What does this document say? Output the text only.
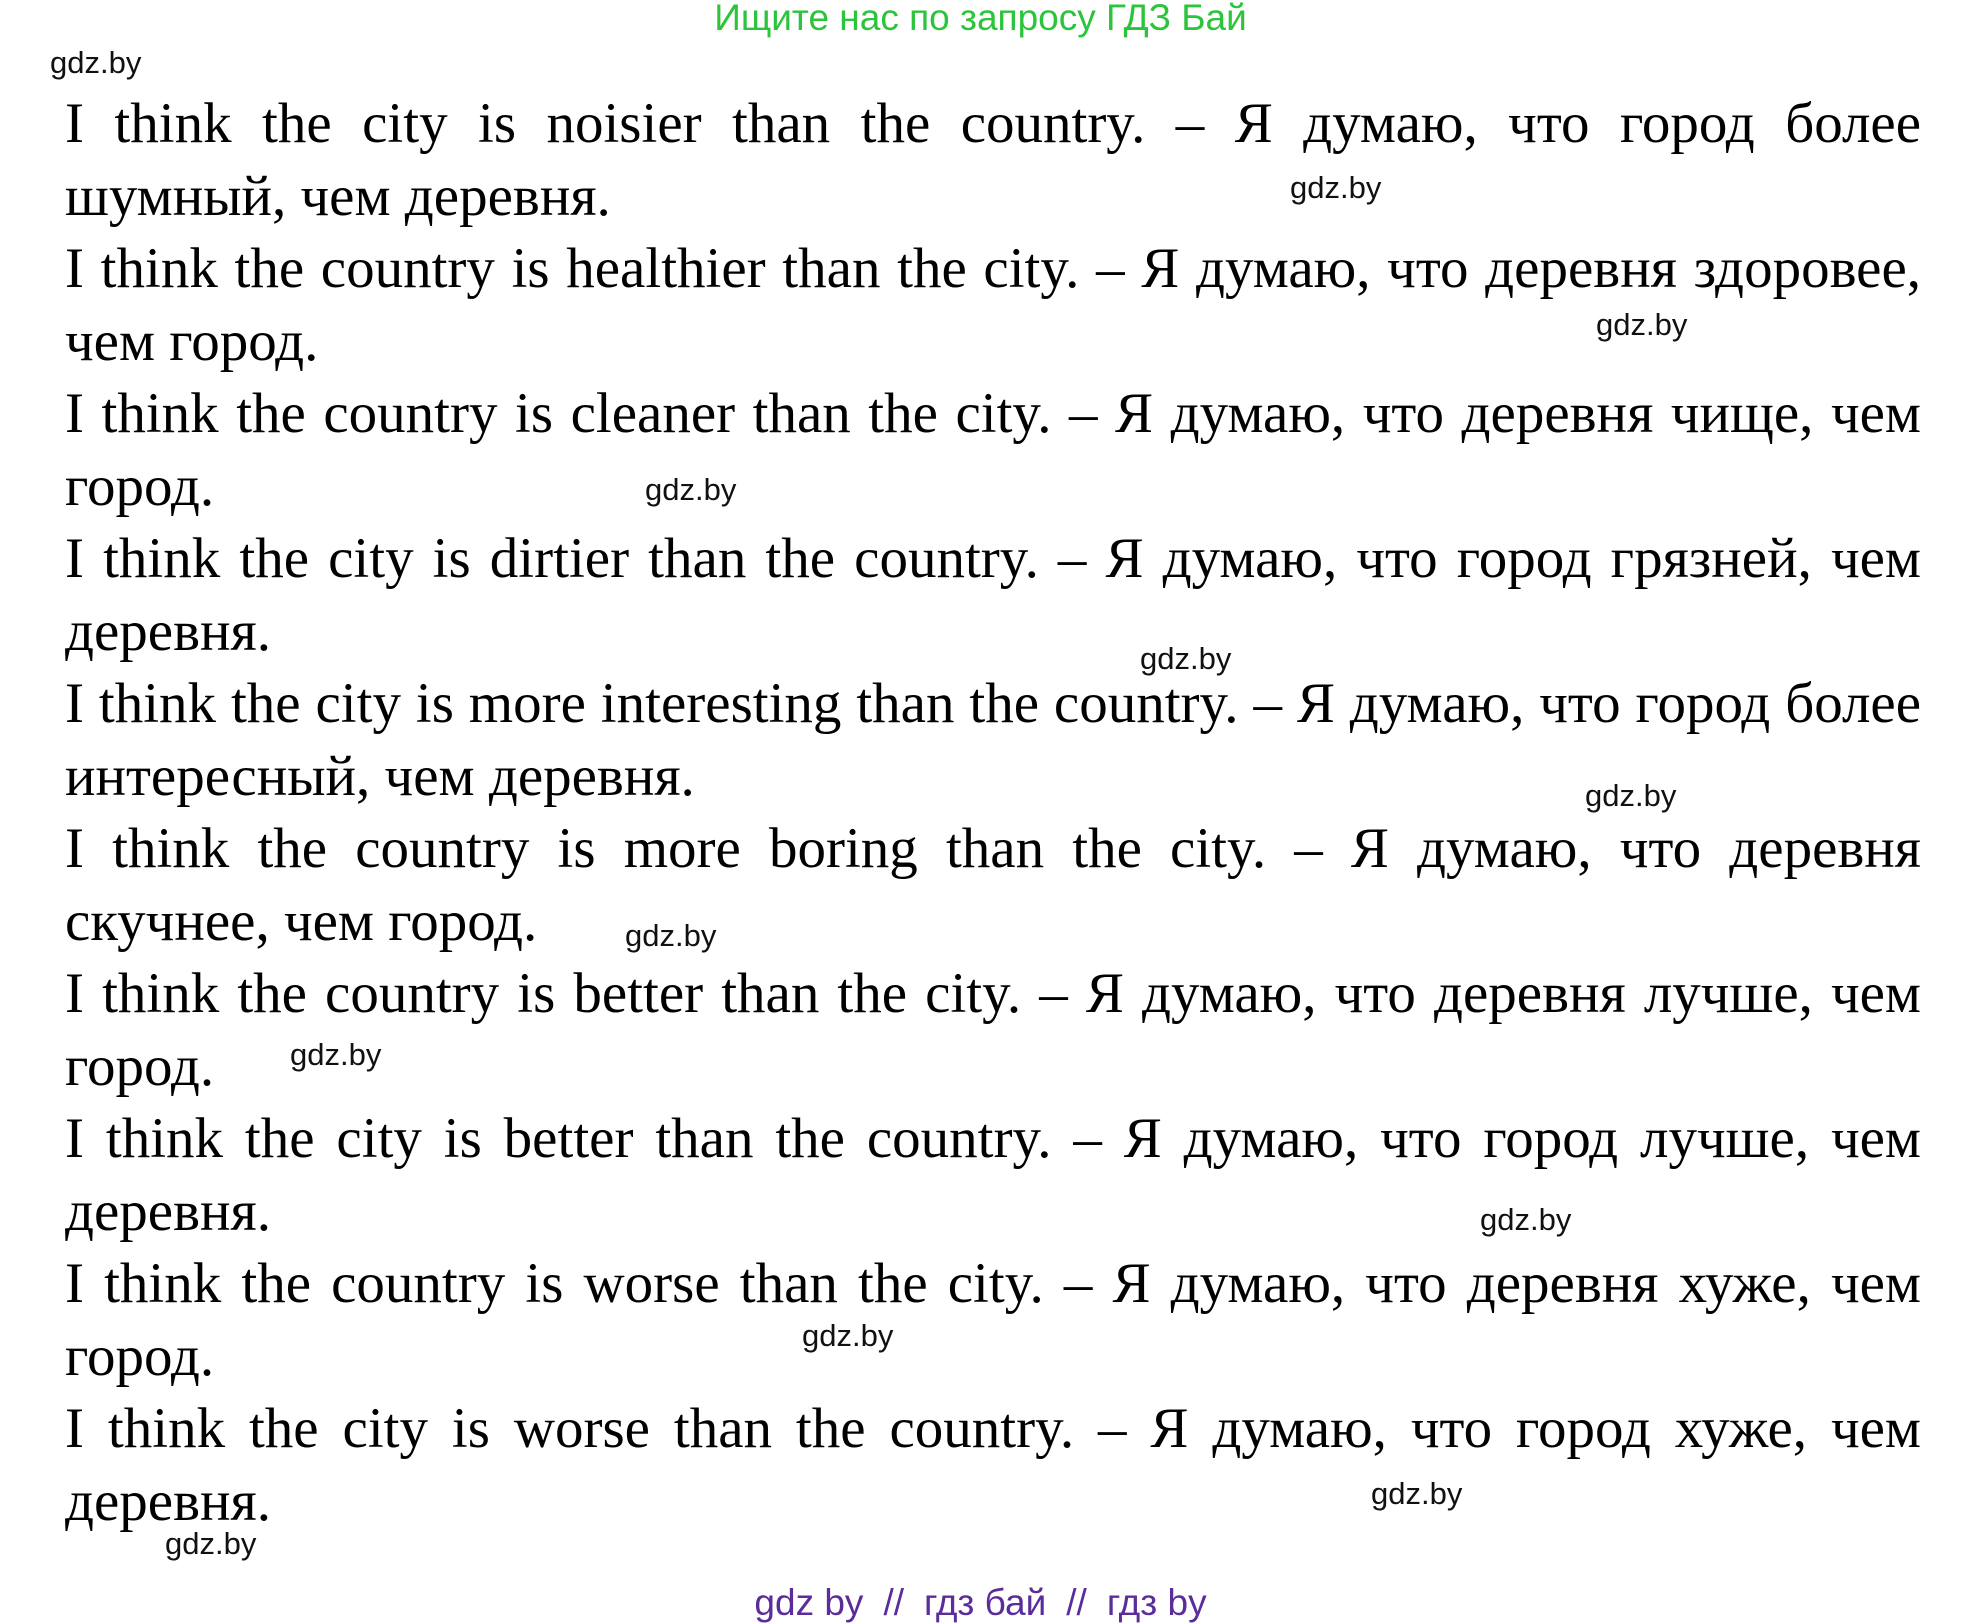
Ищите нас по запросу ГДЗ Бай
gdz.by
I think the city is noisier than the country. – Я думаю, что город более шумный, чем деревня.
I think the country is healthier than the city. – Я думаю, что деревня здоровее, чем город.
I think the country is cleaner than the city. – Я думаю, что деревня чище, чем город.
I think the city is dirtier than the country. – Я думаю, что город грязней, чем деревня.
I think the city is more interesting than the country. – Я думаю, что город более интересный, чем деревня.
I think the country is more boring than the city. – Я думаю, что деревня скучнее, чем город.
I think the country is better than the city. – Я думаю, что деревня лучше, чем город.
I think the city is better than the country. – Я думаю, что город лучше, чем деревня.
I think the country is worse than the city. – Я думаю, что деревня хуже, чем город.
I think the city is worse than the country. – Я думаю, что город хуже, чем деревня.
gdz.by
gdz.by
gdz.by
gdz.by
gdz.by
gdz.by
gdz.by
gdz.by
gdz.by
gdz.by
gdz.by
gdz by // гдз бай // гдз by
